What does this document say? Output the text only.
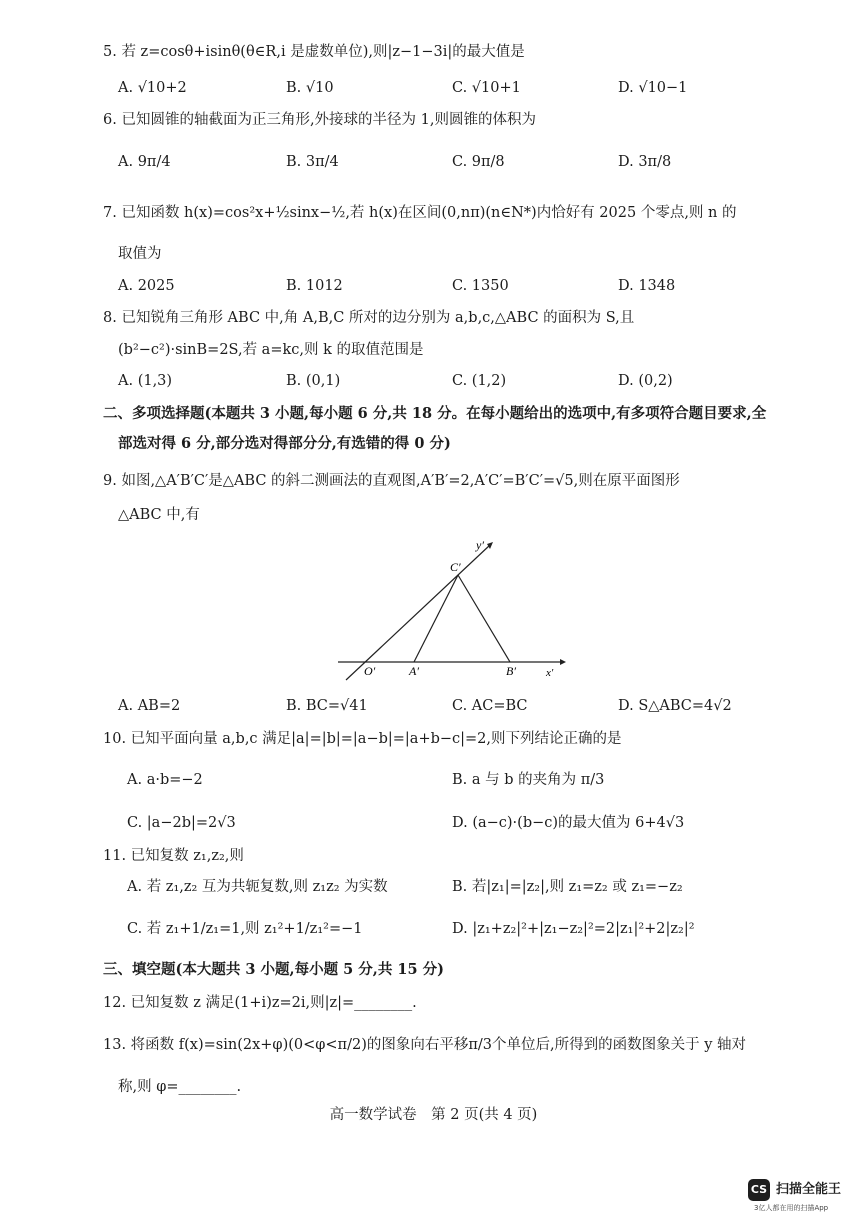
5. 若 z=cosθ+isinθ(θ∈R,i 是虚数单位),则|z−1−3i|的最大值是
A. √10+2	B. √10	C. √10+1	D. √10−1
6. 已知圆锥的轴截面为正三角形,外接球的半径为 1,则圆锥的体积为
A. 9π/4	B. 3π/4	C. 9π/8	D. 3π/8
7. 已知函数 h(x)=cos²x+½sinx−½,若 h(x)在区间(0,nπ)(n∈N*)内恰好有 2025 个零点,则 n 的
取值为
A. 2025	B. 1012	C. 1350	D. 1348
8. 已知锐角三角形 ABC 中,角 A,B,C 所对的边分别为 a,b,c,△ABC 的面积为 S,且
(b²−c²)·sinB=2S,若 a=kc,则 k 的取值范围是
A. (1,3)	B. (0,1)	C. (1,2)	D. (0,2)
二、多项选择题(本题共 3 小题,每小题 6 分,共 18 分。在每小题给出的选项中,有多项符合题目要求,全
部选对得 6 分,部分选对得部分分,有选错的得 0 分)
9. 如图,△A′B′C′是△ABC 的斜二测画法的直观图,A′B′=2,A′C′=B′C′=√5,则在原平面图形
△ABC 中,有
y′
C′
O′	A′	B′	x′
A. AB=2	B. BC=√41	C. AC=BC	D. S△ABC=4√2
10. 已知平面向量 a,b,c 满足|a|=|b|=|a−b|=|a+b−c|=2,则下列结论正确的是
A. a·b=−2	B. a 与 b 的夹角为 π/3
C. |a−2b|=2√3	D. (a−c)·(b−c)的最大值为 6+4√3
11. 已知复数 z₁,z₂,则
A. 若 z₁,z₂ 互为共轭复数,则 z₁z₂ 为实数	B. 若|z₁|=|z₂|,则 z₁=z₂ 或 z₁=−z₂
C. 若 z₁+1/z₁=1,则 z₁²+1/z₁²=−1	D. |z₁+z₂|²+|z₁−z₂|²=2|z₁|²+2|z₂|²
三、填空题(本大题共 3 小题,每小题 5 分,共 15 分)
12. 已知复数 z 满足(1+i)z=2i,则|z|=________.
13. 将函数 f(x)=sin(2x+φ)(0<φ<π/2)的图象向右平移π/3个单位后,所得到的函数图象关于 y 轴对
称,则 φ=________.
高一数学试卷　第 2 页(共 4 页)
CS 扫描全能王
3亿人都在用的扫描App
